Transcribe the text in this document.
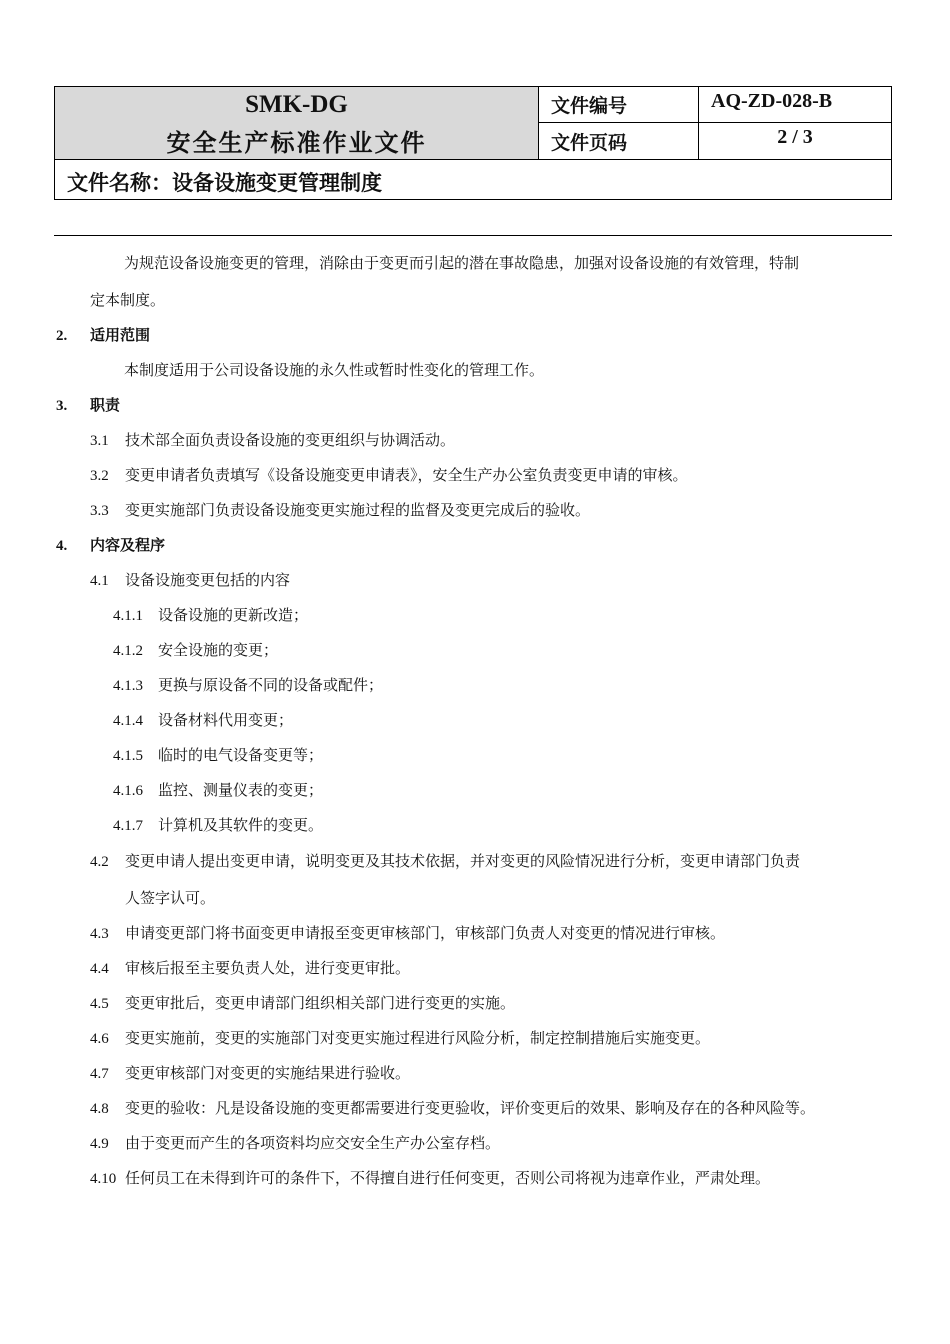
SMK-DG
安全生产标准作业文件
文件编号	AQ-ZD-028-B
文件页码	2 / 3
文件名称：设备设施变更管理制度
为规范设备设施变更的管理，消除由于变更而引起的潜在事故隐患，加强对设备设施的有效管理，特制
定本制度。
2. 适用范围
本制度适用于公司设备设施的永久性或暂时性变化的管理工作。
3. 职责
3.1 技术部全面负责设备设施的变更组织与协调活动。
3.2 变更申请者负责填写《设备设施变更申请表》，安全生产办公室负责变更申请的审核。
3.3 变更实施部门负责设备设施变更实施过程的监督及变更完成后的验收。
4. 内容及程序
4.1 设备设施变更包括的内容
4.1.1 设备设施的更新改造；
4.1.2 安全设施的变更；
4.1.3 更换与原设备不同的设备或配件；
4.1.4 设备材料代用变更；
4.1.5 临时的电气设备变更等；
4.1.6 监控、测量仪表的变更；
4.1.7 计算机及其软件的变更。
4.2 变更申请人提出变更申请，说明变更及其技术依据，并对变更的风险情况进行分析，变更申请部门负责
人签字认可。
4.3 申请变更部门将书面变更申请报至变更审核部门，审核部门负责人对变更的情况进行审核。
4.4 审核后报至主要负责人处，进行变更审批。
4.5 变更审批后，变更申请部门组织相关部门进行变更的实施。
4.6 变更实施前，变更的实施部门对变更实施过程进行风险分析，制定控制措施后实施变更。
4.7 变更审核部门对变更的实施结果进行验收。
4.8 变更的验收：凡是设备设施的变更都需要进行变更验收，评价变更后的效果、影响及存在的各种风险等。
4.9 由于变更而产生的各项资料均应交安全生产办公室存档。
4.10 任何员工在未得到许可的条件下，不得擅自进行任何变更，否则公司将视为违章作业，严肃处理。
